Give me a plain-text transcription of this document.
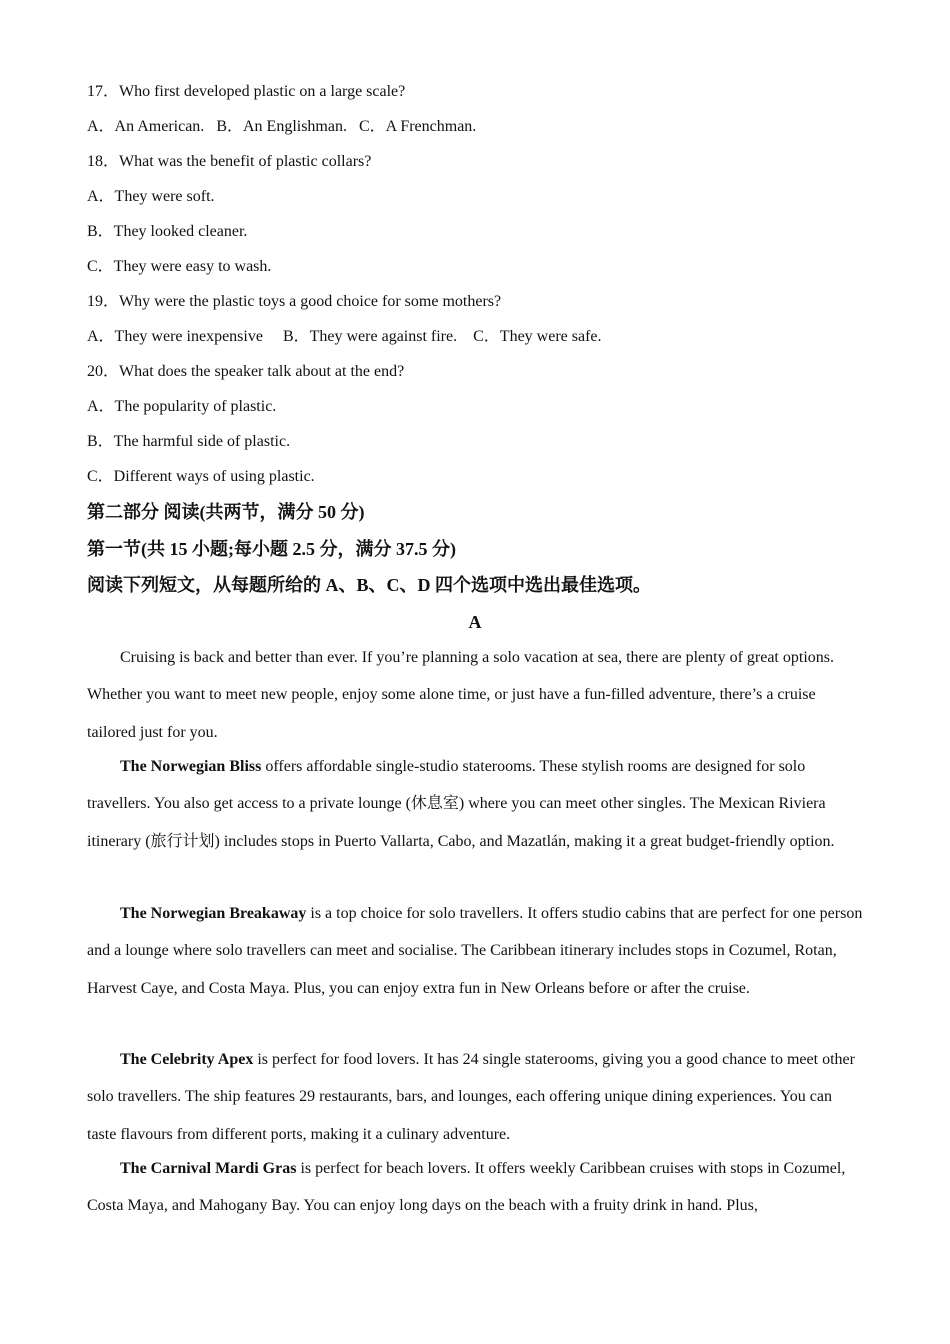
17．Who first developed plastic on a large scale?
A．An American. B．An Englishman. C．A Frenchman.
18．What was the benefit of plastic collars?
A．They were soft.
B．They looked cleaner.
C．They were easy to wash.
19．Why were the plastic toys a good choice for some mothers?
A．They were inexpensive B．They were against fire. C．They were safe.
20．What does the speaker talk about at the end?
A．The popularity of plastic.
B．The harmful side of plastic.
C．Different ways of using plastic.
第二部分 阅读(共两节，满分 50 分)
第一节(共 15 小题;每小题 2.5 分，满分 37.5 分)
阅读下列短文，从每题所给的 A、B、C、D 四个选项中选出最佳选项。
A
Cruising is back and better than ever. If you’re planning a solo vacation at sea, there are plenty of great options. Whether you want to meet new people, enjoy some alone time, or just have a fun-filled adventure, there’s a cruise tailored just for you.
The Norwegian Bliss offers affordable single-studio staterooms. These stylish rooms are designed for solo travellers. You also get access to a private lounge (休息室) where you can meet other singles. The Mexican Riviera itinerary (旅行计划) includes stops in Puerto Vallarta, Cabo, and Mazatlán, making it a great budget-friendly option.
The Norwegian Breakaway is a top choice for solo travellers. It offers studio cabins that are perfect for one person and a lounge where solo travellers can meet and socialise. The Caribbean itinerary includes stops in Cozumel, Rotan, Harvest Caye, and Costa Maya. Plus, you can enjoy extra fun in New Orleans before or after the cruise.
The Celebrity Apex is perfect for food lovers. It has 24 single staterooms, giving you a good chance to meet other solo travellers. The ship features 29 restaurants, bars, and lounges, each offering unique dining experiences. You can taste flavours from different ports, making it a culinary adventure.
The Carnival Mardi Gras is perfect for beach lovers. It offers weekly Caribbean cruises with stops in Cozumel, Costa Maya, and Mahogany Bay. You can enjoy long days on the beach with a fruity drink in hand. Plus,
